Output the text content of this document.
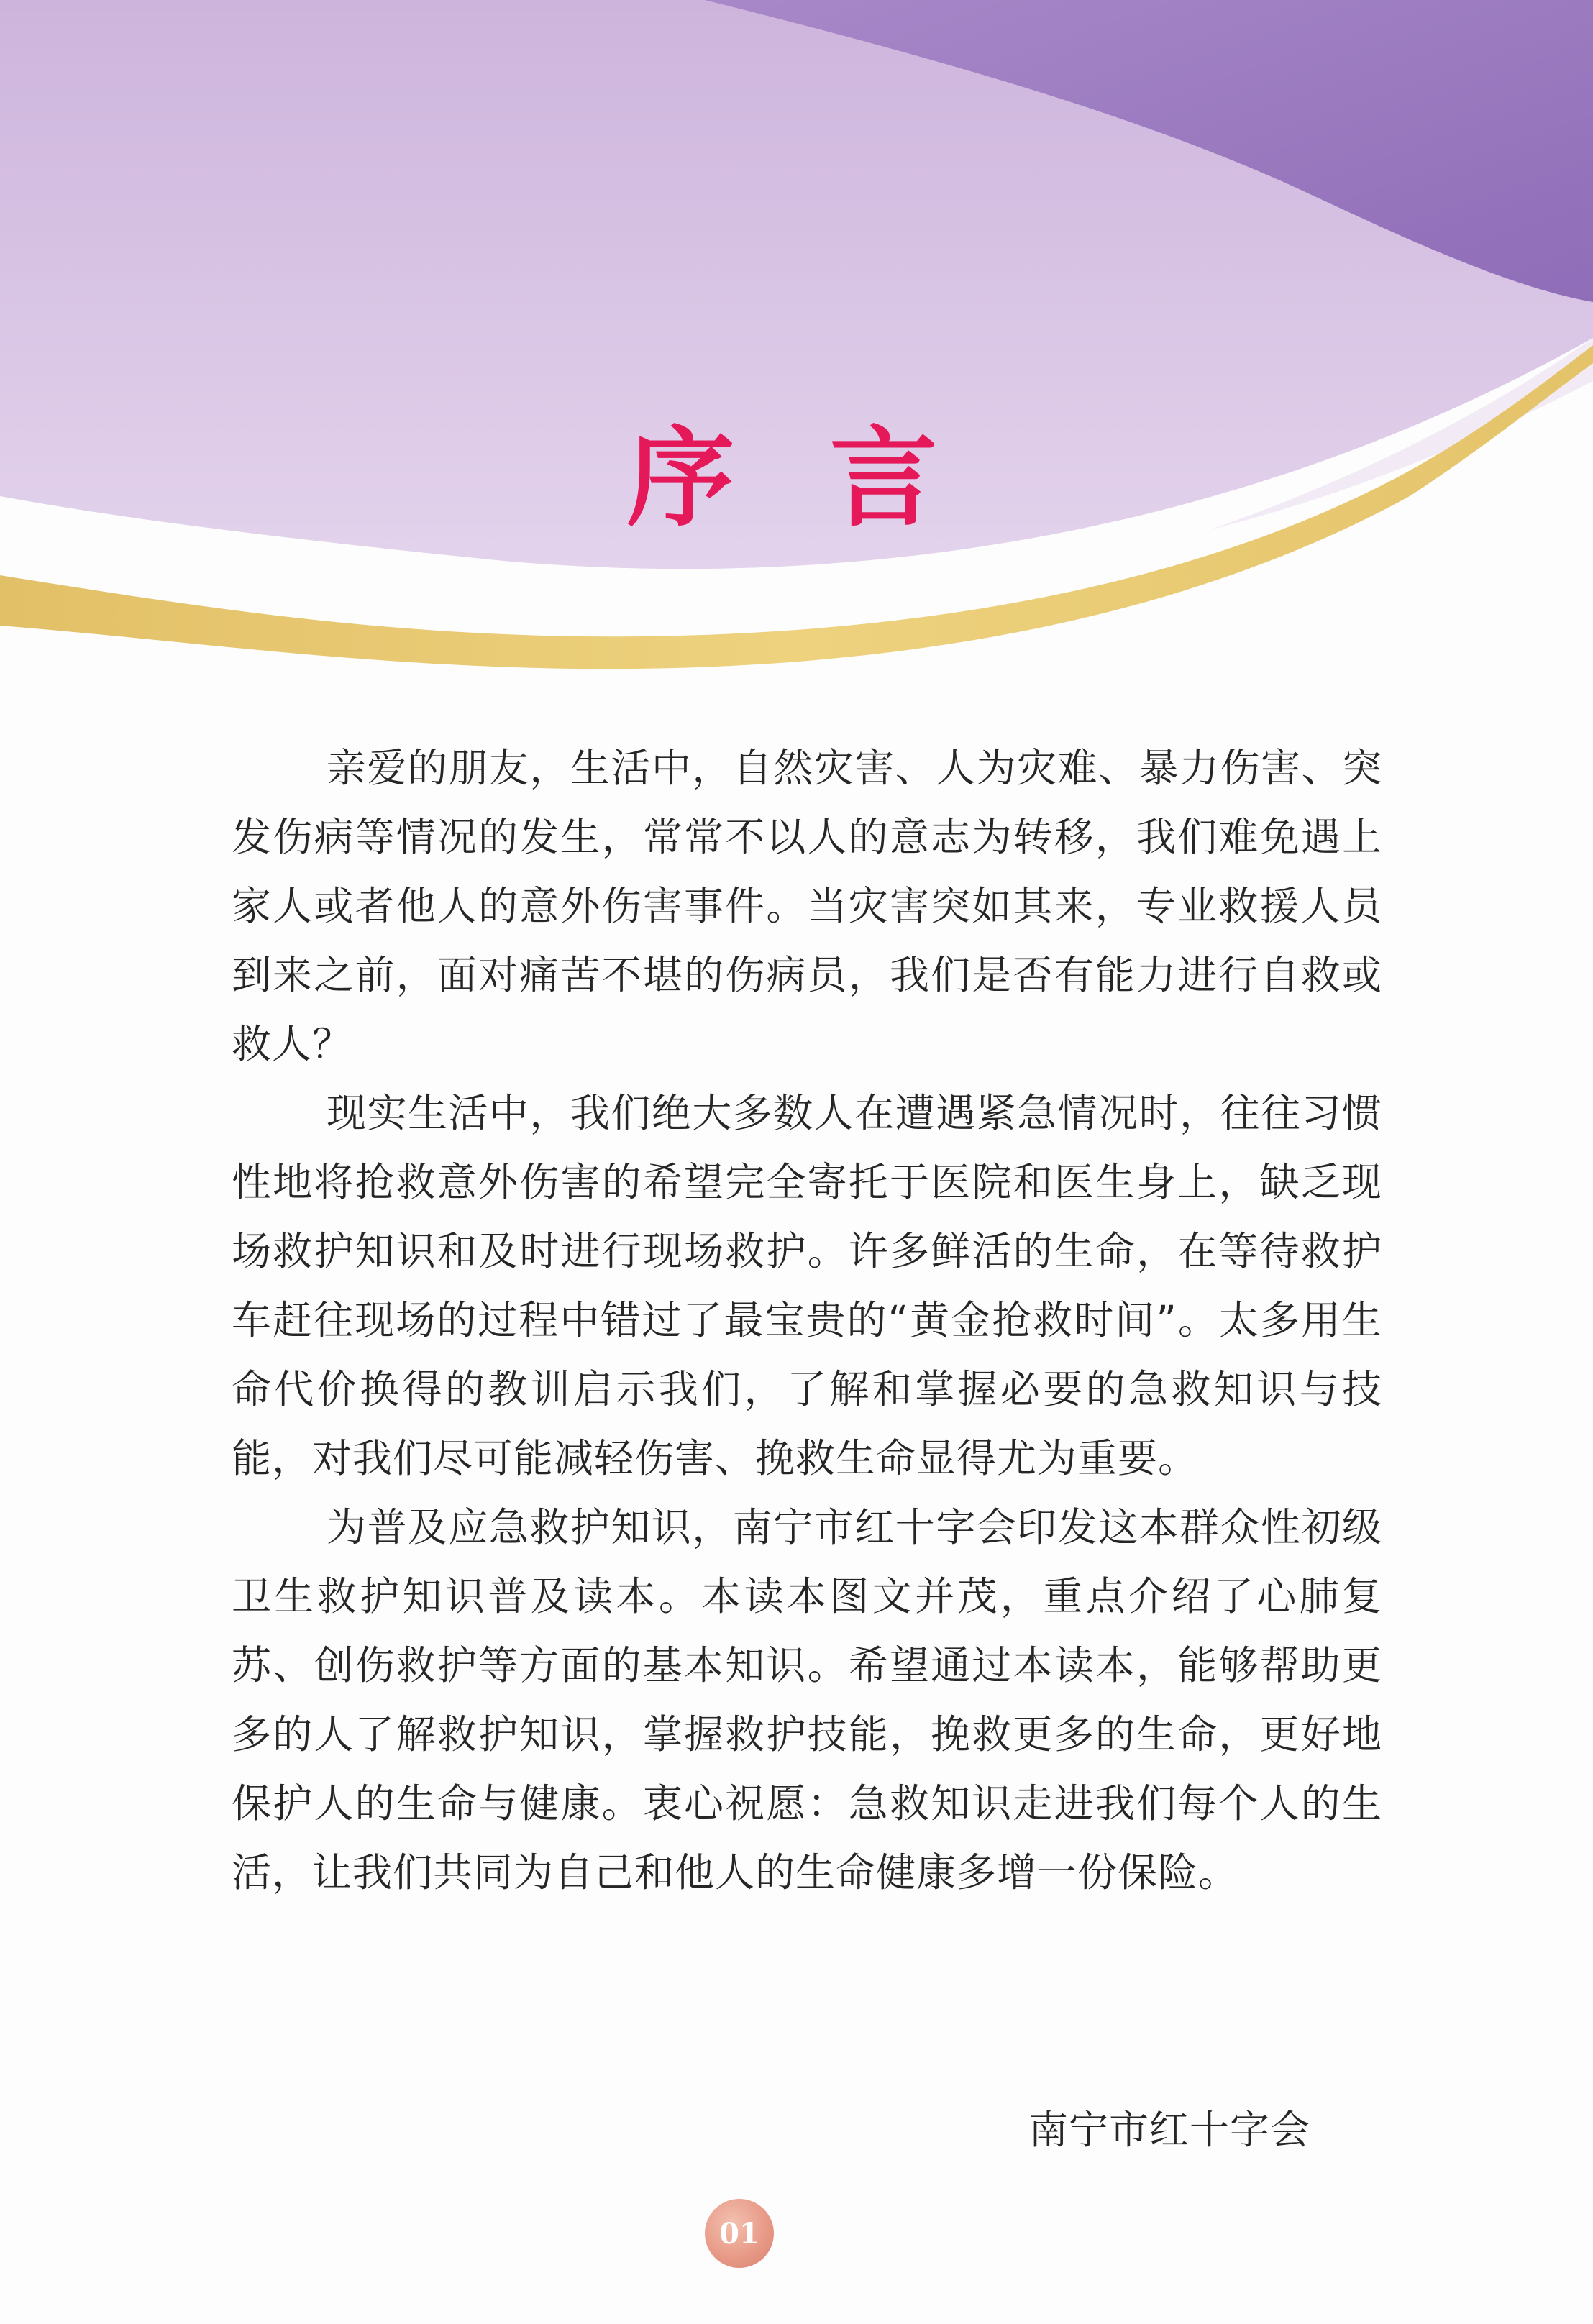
序 言

亲爱的朋友，生活中，自然灾害、人为灾难、暴力伤害、突发伤病等情况的发生，常常不以人的意志为转移，我们难免遇上家人或者他人的意外伤害事件。当灾害突如其来，专业救援人员到来之前，面对痛苦不堪的伤病员，我们是否有能力进行自救或救人？

现实生活中，我们绝大多数人在遭遇紧急情况时，往往习惯性地将抢救意外伤害的希望完全寄托于医院和医生身上，缺乏现场救护知识和及时进行现场救护。许多鲜活的生命，在等待救护车赶往现场的过程中错过了最宝贵的“黄金抢救时间”。太多用生命代价换得的教训启示我们，了解和掌握必要的急救知识与技能，对我们尽可能减轻伤害、挽救生命显得尤为重要。

为普及应急救护知识，南宁市红十字会印发这本群众性初级卫生救护知识普及读本。本读本图文并茂，重点介绍了心肺复苏、创伤救护等方面的基本知识。希望通过本读本，能够帮助更多的人了解救护知识，掌握救护技能，挽救更多的生命，更好地保护人的生命与健康。衷心祝愿：急救知识走进我们每个人的生活，让我们共同为自己和他人的生命健康多增一份保险。

南宁市红十字会
01
